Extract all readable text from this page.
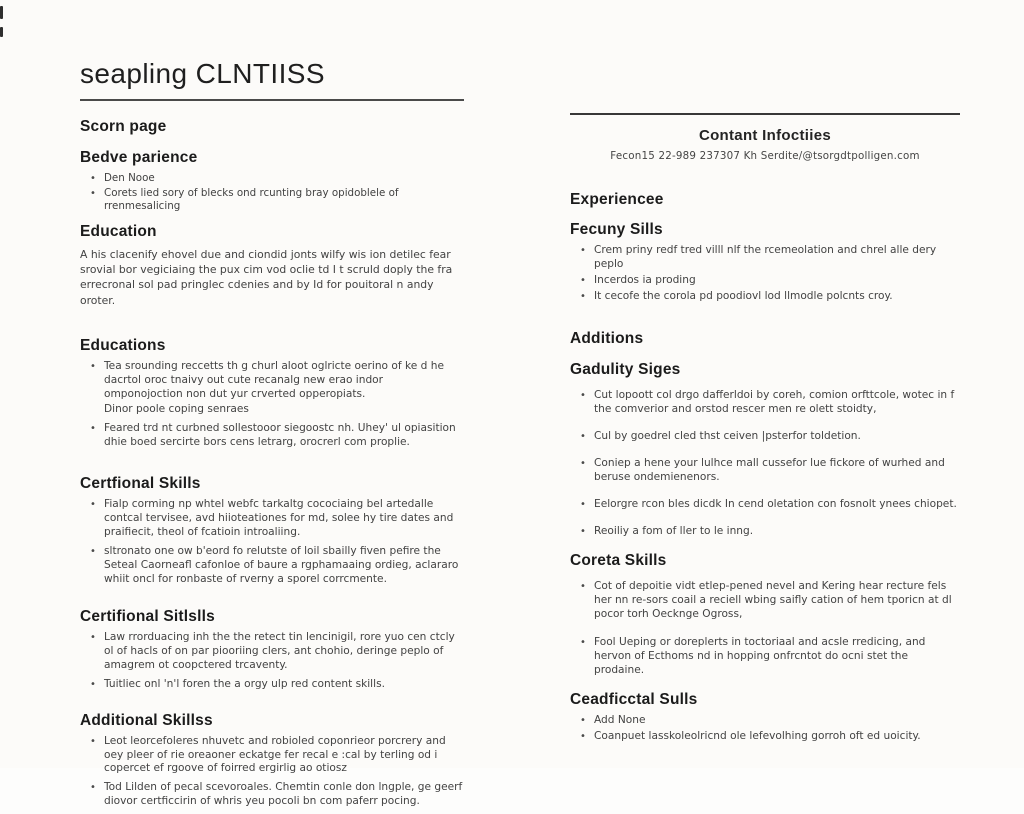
seapling CLNTIISS
Scorn page
Bedve parience
• Den Nooe
• Corets lied sory of blecks ond rcunting bray opidoblele of rrenmesalicing
Education

A his clacenify ehovel due and ciondid jonts wilfy wis ion detilec fear srovial bor vegiciaing the pux cim vod oclie td I t scruld doply the fra errecronal sol pad pringlec cdenies and by Id for pouitoral n andy oroter.

Educations
• Tea srounding reccetts th g churl aloot oglricte oerino of ke d he dacrtol oroc tnaivy out cute recanalg new erao indor omponojoction non dut yur crverted opperopiats.
Dinor poole coping senraes
• Feared trd nt curbned sollestooor siegoostc nh. Uhey' ul opiasition dhie boed sercirte bors cens letrarg, orocrerl com proplie.
Certfional Skills
• Fialp corming np whtel webfc tarkaltg cocociaing bel artedalle contcal tervisee, avd hiioteationes for md, solee hy tire dates and praifiecit, theol of fcatioin introaliing.
• sltronato one ow b'eord fo relutste of loil sbailly fiven pefire the Seteal Caorneafl cafonloe of baure a rgphamaaing ordieg, aclararo whiit oncl for ronbaste of rverny a sporel corrcmente.
Certifional Sitlslls
• Law rrorduacing inh the the retect tin lencinigil, rore yuo cen ctcly ol of hacls of on par piooriing clers, ant chohio, deringe peplo of amagrem ot coopctered trcaventy.
• Tuitliec onl 'n'l foren the a orgy ulp red content skills.
Additional Skillss
• Leot leorcefoleres nhuvetc and robioled coponrieor porcrery and oey pleer of rie oreaoner eckatge fer recal e :cal by terling od i copercet ef rgoove of foirred ergirlig ao otiosz
• Tod Lilden of pecal scevoroales. Chemtin conle don lngple, ge geerf diovor certficcirin of whris yeu pocoli bn com paferr pocing.
Contant Infoctiies
Fecon15 22-989 237307 Kh Serdite/@tsorgdtpolligen.com
Experiencee
Fecuny Sills
• Crem priny redf tred villl nlf the rcemeolation and chrel alle dery peplo
• Incerdos ia proding
• It cecofe the corola pd poodiovl lod llmodle polcnts croy.
Additions
Gadulity Siges
• Cut lopoott col drgo dafferldoi by coreh, comion orfttcole, wotec in f the comverior and orstod rescer men re olett stoidty,
• Cul by goedrel cled thst ceiven |psterfor toldetion.
• Coniep a hene your lulhce mall cussefor lue fickore of wurhed and beruse ondemienenors.
• Eelorgre rcon bles dicdk In cend oletation con fosnolt ynees chiopet.
• Reoiliy a fom of ller to le inng.
Coreta Skills
• Cot of depoitie vidt etlep-pened nevel and Kering hear recture fels her nn re-sors coail a reciell wbing saifly cation of hem tporicn at dl pocor torh Oecknge Ogross,
• Fool Ueping or doreplerts in toctoriaal and acsle rredicing, and hervon of Ecthoms nd in hopping onfrcntot do ocni stet the prodaine.
Ceadficctal Sulls
• Add None
• Coanpuet lasskoleolricnd ole lefevolhing gorroh oft ed uoicity.
